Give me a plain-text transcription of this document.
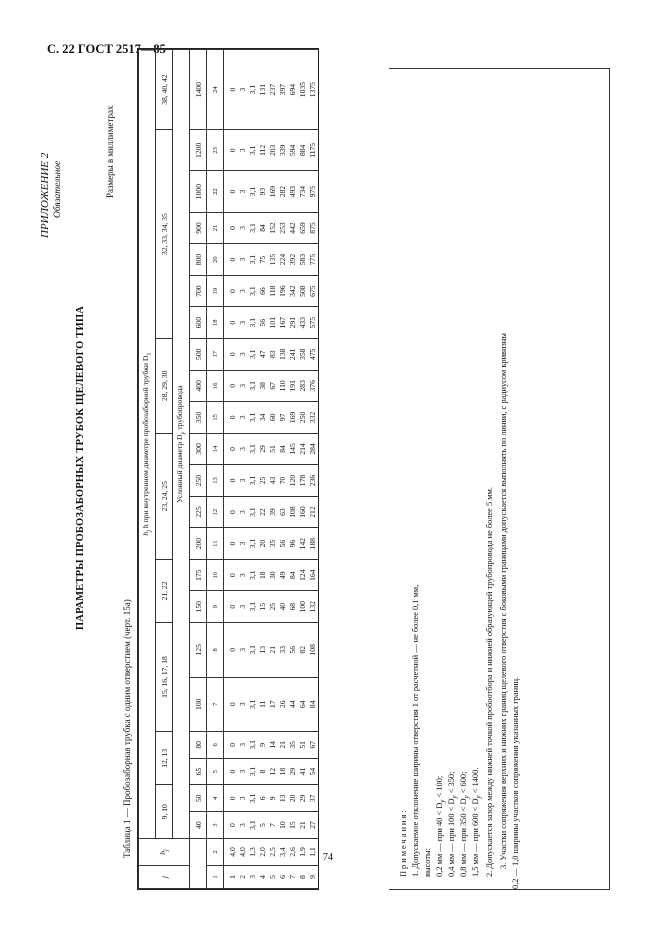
С. 22 ГОСТ 2517—85
74
ПРИЛОЖЕНИЕ 2 Обязательное
ПАРАМЕТРЫ ПРОБОЗАБОРНЫХ ТРУБОК ЩЕЛЕВОГО ТИПА
Размеры в миллиметрах
Таблица 1 — Пробозаборная трубка с одним отверстием (черт. 15а)
j	$b_j$	$h_j$ h при внутреннем диаметре пробозаборной трубки $D_1$
		9, 10		12, 13		15, 16, 17, 18		21, 22		23, 24, 25				28, 29, 30			32, 33, 34, 35						38, 40, 42
		Условный диаметр $D_у$ трубопровода																					
		40	50	65	80	100	125	150	175	200	225	250	300	350	400	500	600	700	800	900	1000	1200	1400
1	2	3	4	5	6	7	8	9	10	11	12	13	14	15	16	17	18	19	20	21	22	23	24
1	4,0	0	0	0	0	0	0	0	0	0	0	0	0	0	0	0	0	0	0	0	0	0	0
2	4,0	3	3	3	3	3	3	3	3	3	3	3	3	3	3	3	3	3	3	3	3	3	3
3	1,3	3,1	3,1	3,1	3,1	3,1	3,1	3,1	3,1	3,1	3,1	3,1	3,1	3,1	3,1	3,1	3,1	3,1	3,1	3,1	3,1	3,1	3,1
4	2,0	5	6	8	9	11	13	15	18	20	22	25	29	34	38	47	56	66	75	84	93	112	131
5	2,5	7	9	12	14	17	21	25	30	35	39	43	51	60	67	83	101	118	135	152	169	203	237
6	3,4	10	13	18	21	26	33	40	49	56	63	70	84	97	110	138	167	196	224	253	282	339	397
7	2,6	15	20	29	35	44	56	68	84	96	108	120	145	169	191	241	291	342	392	442	493	594	694
8	1,9	21	29	41	51	64	82	100	124	142	160	178	214	250	283	358	433	508	583	659	734	884	1035
9	1,1	27	37	54	67	84	108	132	164	188	212	236	284	332	376	475	575	675	775	875	975	1175	1375
Примечания: 1. Допускаемое отклонение ширины отверстия 1 от расчетной — не более 0,1 мм, высоты: 0,2 мм — при $40 < D_у < 100$;
0,4 мм — при $100 < D_у < 350$;
0,8 мм — при $350 < D_у < 600$;
1,5 мм — при $600 < D_у < 1400$. 2. Допускается зазор между нижней точкой пробоотбора и нижней образующей трубопровода не более 5 мм. 3. Участки сопряжения верхних и нижних границ щелевого отверстия с боковыми границами допускается выполнять по линии, с радиусом кривизны 0,2 — 1,0 ширины участков сопряжения указанных границ.
